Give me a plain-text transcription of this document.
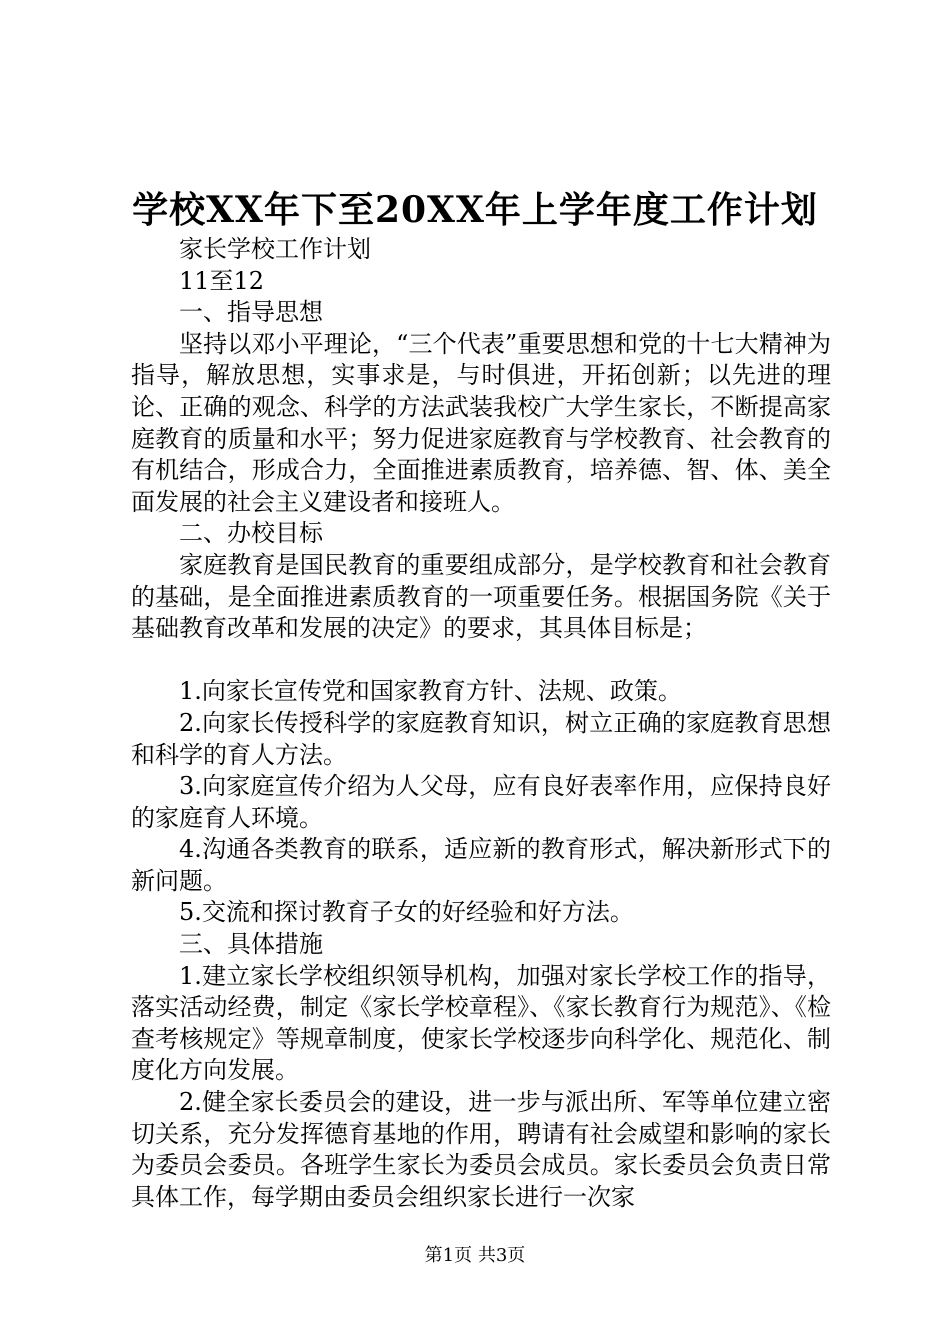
学校XX年下至20XX年上学年度工作计划

家长学校工作计划

11至12

一、指导思想

坚持以邓小平理论，“三个代表”重要思想和党的十七大精神为指导，解放思想，实事求是，与时俱进，开拓创新；以先进的理论、正确的观念、科学的方法武装我校广大学生家长，不断提高家庭教育的质量和水平；努力促进家庭教育与学校教育、社会教育的有机结合，形成合力，全面推进素质教育，培养德、智、体、美全面发展的社会主义建设者和接班人。

二、办校目标

家庭教育是国民教育的重要组成部分，是学校教育和社会教育的基础，是全面推进素质教育的一项重要任务。根据国务院《关于基础教育改革和发展的决定》的要求，其具体目标是；

1.向家长宣传党和国家教育方针、法规、政策。

2.向家长传授科学的家庭教育知识，树立正确的家庭教育思想和科学的育人方法。

3.向家庭宣传介绍为人父母，应有良好表率作用，应保持良好的家庭育人环境。

4.沟通各类教育的联系，适应新的教育形式，解决新形式下的新问题。

5.交流和探讨教育子女的好经验和好方法。

三、具体措施

1.建立家长学校组织领导机构，加强对家长学校工作的指导，落实活动经费，制定《家长学校章程》、《家长教育行为规范》、《检查考核规定》等规章制度，使家长学校逐步向科学化、规范化、制度化方向发展。

2.健全家长委员会的建设，进一步与派出所、军等单位建立密切关系，充分发挥德育基地的作用，聘请有社会威望和影响的家长为委员会委员。各班学生家长为委员会成员。家长委员会负责日常具体工作，每学期由委员会组织家长进行一次家

第1页 共3页
